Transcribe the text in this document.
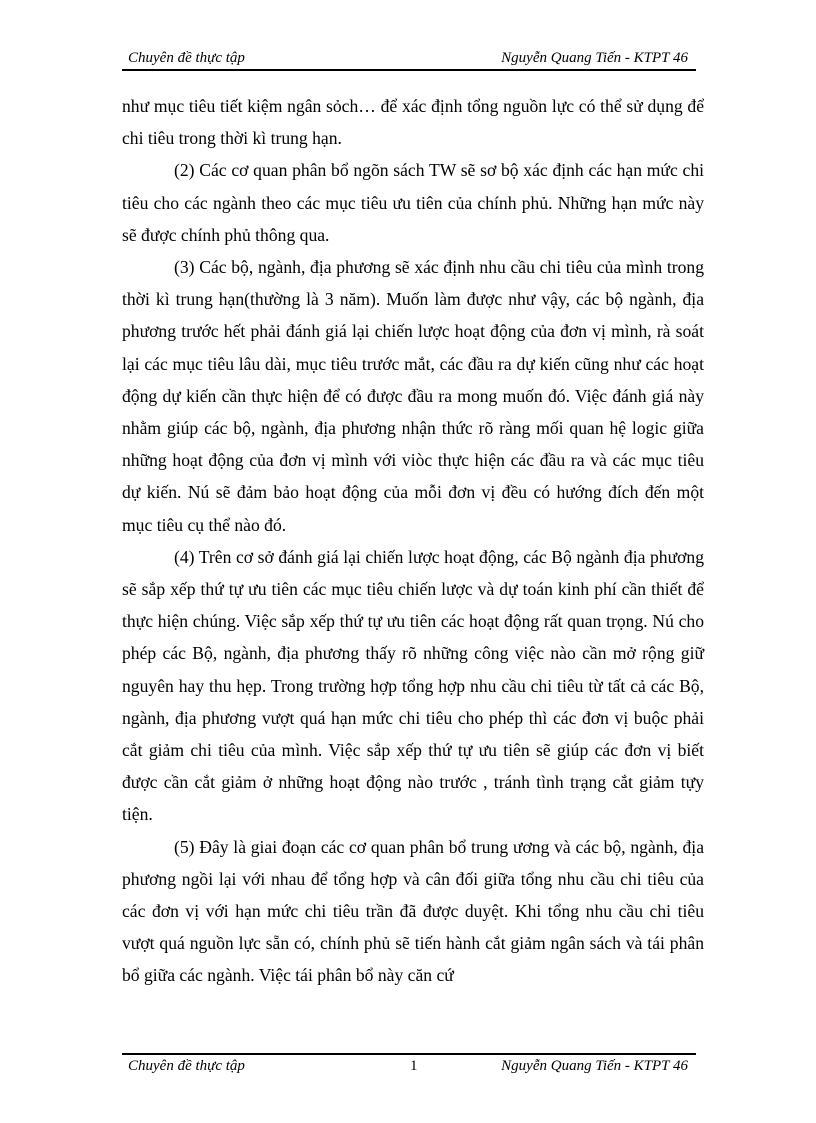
Chuyên đề thực tập	Nguyễn Quang Tiến - KTPT 46

như mục tiêu tiết kiệm ngân sỏch… để xác định tổng nguồn lực có thể sử dụng để chi tiêu trong thời kì trung hạn.

(2) Các cơ quan phân bổ ngõn sách TW sẽ sơ bộ xác định các hạn mức chi tiêu cho các ngành theo các mục tiêu ưu tiên của chính phủ. Những hạn mức này sẽ được chính phủ thông qua.

(3) Các bộ, ngành, địa phương sẽ xác định nhu cầu chi tiêu của mình trong thời kì trung hạn(thường là 3 năm). Muốn làm được như vậy, các bộ ngành, địa phương trước hết phải đánh giá lại chiến lược hoạt động của đơn vị mình, rà soát lại các mục tiêu lâu dài, mục tiêu trước mắt, các đầu ra dự kiến cũng như các hoạt động dự kiến cần thực hiện để có được đầu ra mong muốn đó. Việc đánh giá này nhằm giúp các bộ, ngành, địa phương nhận thức rõ ràng mối quan hệ logic giữa những hoạt động của đơn vị mình với viòc thực hiện các đầu ra và các mục tiêu dự kiến. Nú sẽ đảm bảo hoạt động của mỗi đơn vị đều có hướng đích đến một mục tiêu cụ thể nào đó.

(4) Trên cơ sở đánh giá lại chiến lược hoạt động, các Bộ ngành địa phương sẽ sắp xếp thứ tự ưu tiên các mục tiêu chiến lược và dự toán kinh phí cần thiết để thực hiện chúng. Việc sắp xếp thứ tự ưu tiên các hoạt động rất quan trọng. Nú cho phép các Bộ, ngành, địa phương thấy rõ những công việc nào cần mở rộng giữ nguyên hay thu hẹp. Trong trường hợp tổng hợp nhu cầu chi tiêu từ tất cả các Bộ, ngành, địa phương vượt quá hạn mức chi tiêu cho phép thì các đơn vị buộc phải cắt giảm chi tiêu của mình. Việc sắp xếp thứ tự ưu tiên sẽ giúp các đơn vị biết được cần cắt giảm ở những hoạt động nào trước , tránh tình trạng cắt giảm tựy tiện.

(5) Đây là giai đoạn các cơ quan phân bổ trung ương và các bộ, ngành, địa phương ngồi lại với nhau để tổng hợp và cân đối giữa tổng nhu cầu chi tiêu của các đơn vị với hạn mức chi tiêu trần đã được duyệt. Khi tổng nhu cầu chi tiêu vượt quá nguồn lực sẵn có, chính phủ sẽ tiến hành cắt giảm ngân sách và tái phân bổ giữa các ngành. Việc tái phân bổ này căn cứ

Chuyên đề thực tập	1	Nguyễn Quang Tiến - KTPT 46
